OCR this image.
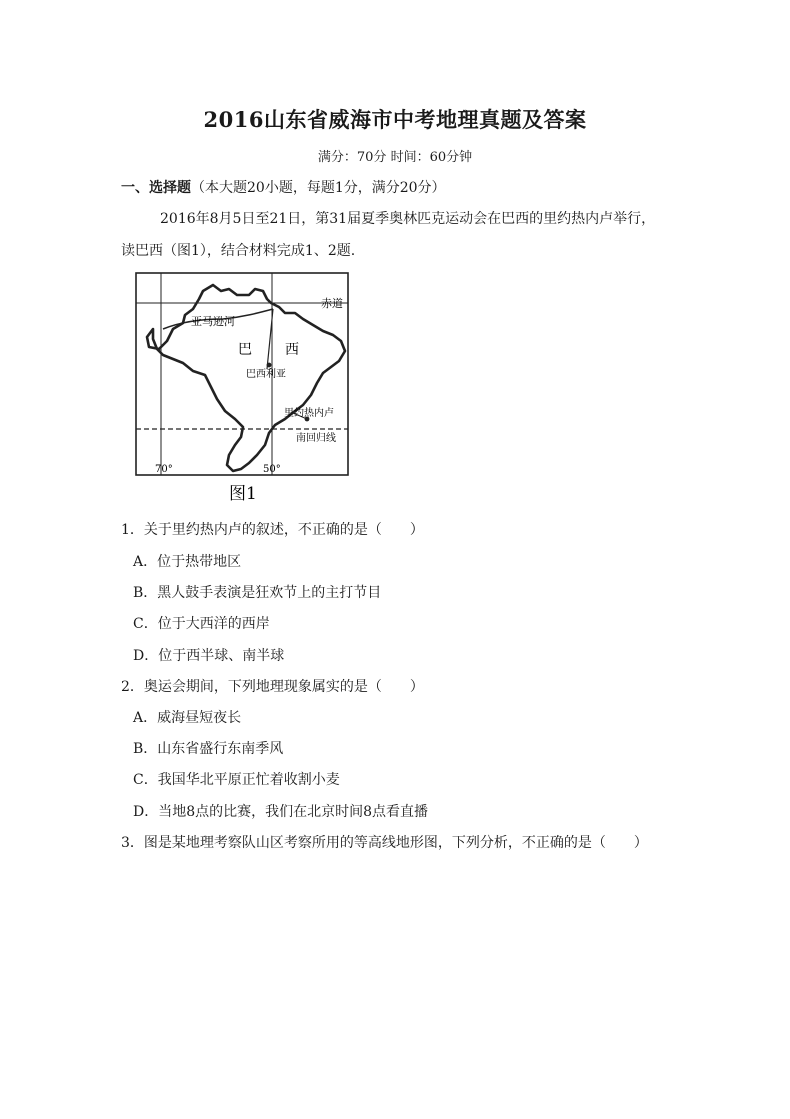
2016山东省威海市中考地理真题及答案
满分：70分 时间：60分钟
一、选择题（本大题20小题，每题1分，满分20分）
2016年8月5日至21日，第31届夏季奥林匹克运动会在巴西的里约热内卢举行，
读巴西（图1），结合材料完成1、2题.
赤道
亚马逊河
巴 西
巴西利亚
里约热内卢
南回归线
70°	50°
图1
1．关于里约热内卢的叙述，不正确的是（　　）
A．位于热带地区
B．黑人鼓手表演是狂欢节上的主打节目
C．位于大西洋的西岸
D．位于西半球、南半球
2．奥运会期间，下列地理现象属实的是（　　）
A．威海昼短夜长
B．山东省盛行东南季风
C．我国华北平原正忙着收割小麦
D．当地8点的比赛，我们在北京时间8点看直播
3．图是某地理考察队山区考察所用的等高线地形图，下列分析，不正确的是（　　）
